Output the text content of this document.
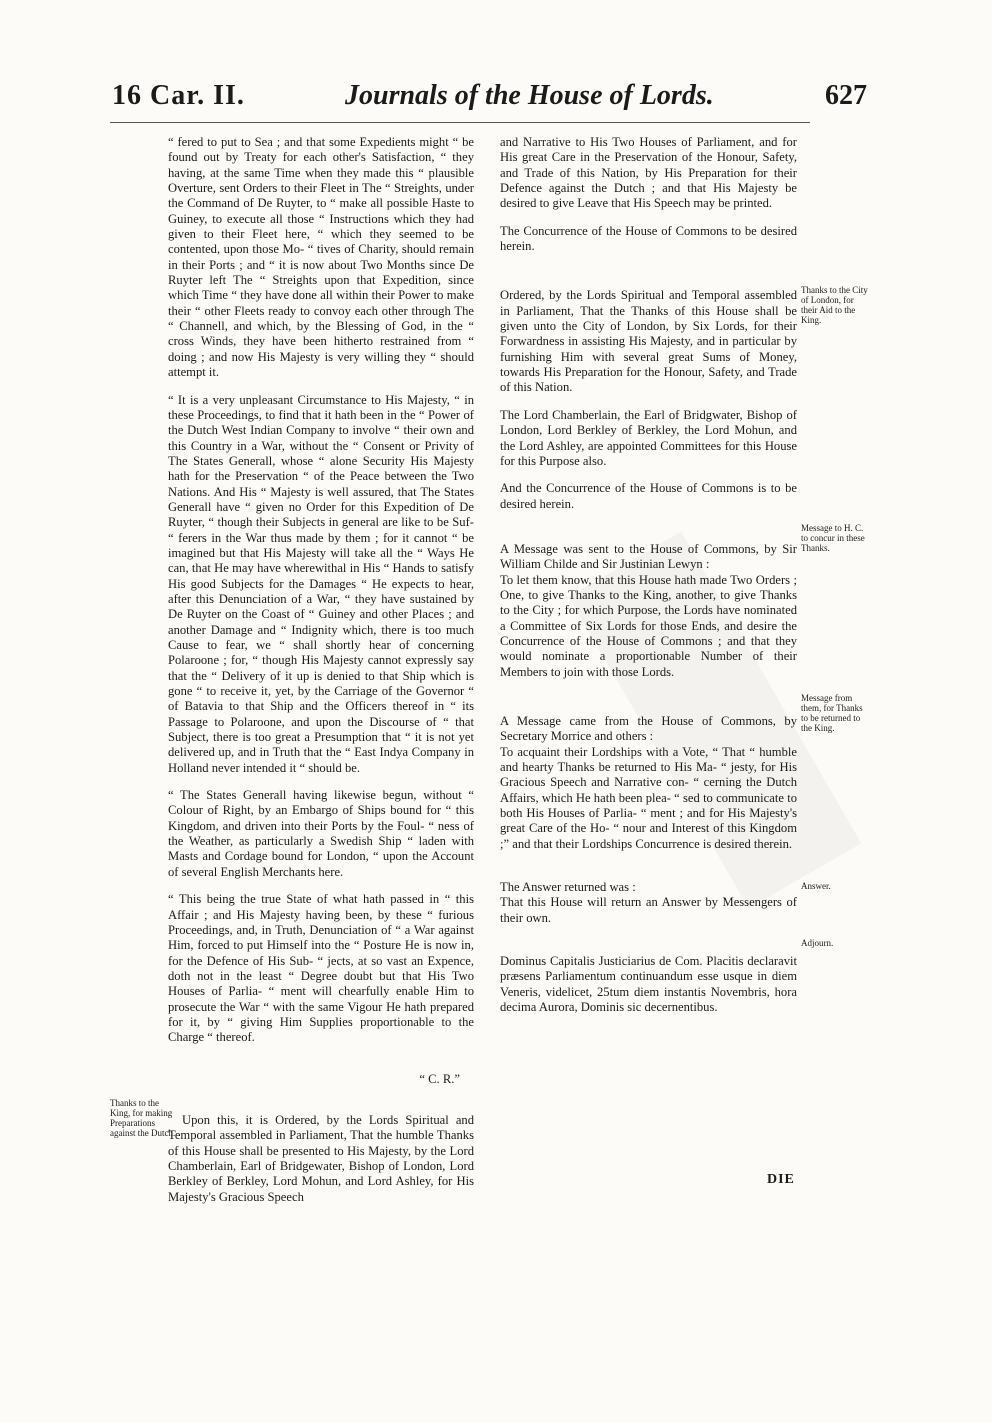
16 Car. II.	Journals of the House of Lords.	627

“ fered to put to Sea ; and that some Expedients might “ be found out by Treaty for each other's Satisfaction, “ they having, at the same Time when they made this “ plausible Overture, sent Orders to their Fleet in The “ Streights, under the Command of De Ruyter, to “ make all possible Haste to Guiney, to execute all those “ Instructions which they had given to their Fleet here, “ which they seemed to be contented, upon those Mo- “ tives of Charity, should remain in their Ports ; and “ it is now about Two Months since De Ruyter left The “ Streights upon that Expedition, since which Time “ they have done all within their Power to make their “ other Fleets ready to convoy each other through The “ Channell, and which, by the Blessing of God, in the “ cross Winds, they have been hitherto restrained from “ doing ; and now His Majesty is very willing they “ should attempt it.

“ It is a very unpleasant Circumstance to His Majesty, “ in these Proceedings, to find that it hath been in the “ Power of the Dutch West Indian Company to involve “ their own and this Country in a War, without the “ Consent or Privity of The States Generall, whose “ alone Security His Majesty hath for the Preservation “ of the Peace between the Two Nations. And His “ Majesty is well assured, that The States Generall have “ given no Order for this Expedition of De Ruyter, “ though their Subjects in general are like to be Suf- “ ferers in the War thus made by them ; for it cannot “ be imagined but that His Majesty will take all the “ Ways He can, that He may have wherewithal in His “ Hands to satisfy His good Subjects for the Damages “ He expects to hear, after this Denunciation of a War, “ they have sustained by De Ruyter on the Coast of “ Guiney and other Places ; and another Damage and “ Indignity which, there is too much Cause to fear, we “ shall shortly hear of concerning Polaroone ; for, “ though His Majesty cannot expressly say that the “ Delivery of it up is denied to that Ship which is gone “ to receive it, yet, by the Carriage of the Governor “ of Batavia to that Ship and the Officers thereof in “ its Passage to Polaroone, and upon the Discourse of “ that Subject, there is too great a Presumption that “ it is not yet delivered up, and in Truth that the “ East Indya Company in Holland never intended it “ should be.

“ The States Generall having likewise begun, without “ Colour of Right, by an Embargo of Ships bound for “ this Kingdom, and driven into their Ports by the Foul- “ ness of the Weather, as particularly a Swedish Ship “ laden with Masts and Cordage bound for London, “ upon the Account of several English Merchants here.

“ This being the true State of what hath passed in “ this Affair ; and His Majesty having been, by these “ furious Proceedings, and, in Truth, Denunciation of “ a War against Him, forced to put Himself into the “ Posture He is now in, for the Defence of His Sub- “ jects, at so vast an Expence, doth not in the least “ Degree doubt but that His Two Houses of Parlia- “ ment will chearfully enable Him to prosecute the War “ with the same Vigour He hath prepared for it, by “ giving Him Supplies proportionable to the Charge “ thereof.

“ C. R.”

Upon this, it is Ordered, by the Lords Spiritual and Temporal assembled in Parliament, That the humble Thanks of this House shall be presented to His Majesty, by the Lord Chamberlain, Earl of Bridgewater, Bishop of London, Lord Berkley of Berkley, Lord Mohun, and Lord Ashley, for His Majesty's Gracious Speech

and Narrative to His Two Houses of Parliament, and for His great Care in the Preservation of the Honour, Safety, and Trade of this Nation, by His Preparation for their Defence against the Dutch ; and that His Majesty be desired to give Leave that His Speech may be printed.

The Concurrence of the House of Commons to be desired herein.

Ordered, by the Lords Spiritual and Temporal assembled in Parliament, That the Thanks of this House shall be given unto the City of London, by Six Lords, for their Forwardness in assisting His Majesty, and in particular by furnishing Him with several great Sums of Money, towards His Preparation for the Honour, Safety, and Trade of this Nation.

The Lord Chamberlain, the Earl of Bridgwater, Bishop of London, Lord Berkley of Berkley, the Lord Mohun, and the Lord Ashley, are appointed Committees for this House for this Purpose also.

And the Concurrence of the House of Commons is to be desired herein.

A Message was sent to the House of Commons, by Sir William Childe and Sir Justinian Lewyn :

To let them know, that this House hath made Two Orders ; One, to give Thanks to the King, another, to give Thanks to the City ; for which Purpose, the Lords have nominated a Committee of Six Lords for those Ends, and desire the Concurrence of the House of Commons ; and that they would nominate a proportionable Number of their Members to join with those Lords.

A Message came from the House of Commons, by Secretary Morrice and others :

To acquaint their Lordships with a Vote, “ That “ humble and hearty Thanks be returned to His Ma- “ jesty, for His Gracious Speech and Narrative con- “ cerning the Dutch Affairs, which He hath been plea- “ sed to communicate to both His Houses of Parlia- “ ment ; and for His Majesty's great Care of the Ho- “ nour and Interest of this Kingdom ;” and that their Lordships Concurrence is desired therein.

The Answer returned was :

That this House will return an Answer by Messengers of their own.

Dominus Capitalis Justiciarius de Com. Placitis declaravit præsens Parliamentum continuandum esse usque in diem Veneris, videlicet, 25tum diem instantis Novembris, hora decima Aurora, Dominis sic decernentibus.

Thanks to the King, for making Preparations against the Dutch.
Thanks to the City of London, for their Aid to the King.
Message to H. C. to concur in these Thanks.
Message from them, for Thanks to be returned to the King.
Answer.
Adjourn.
DIE
